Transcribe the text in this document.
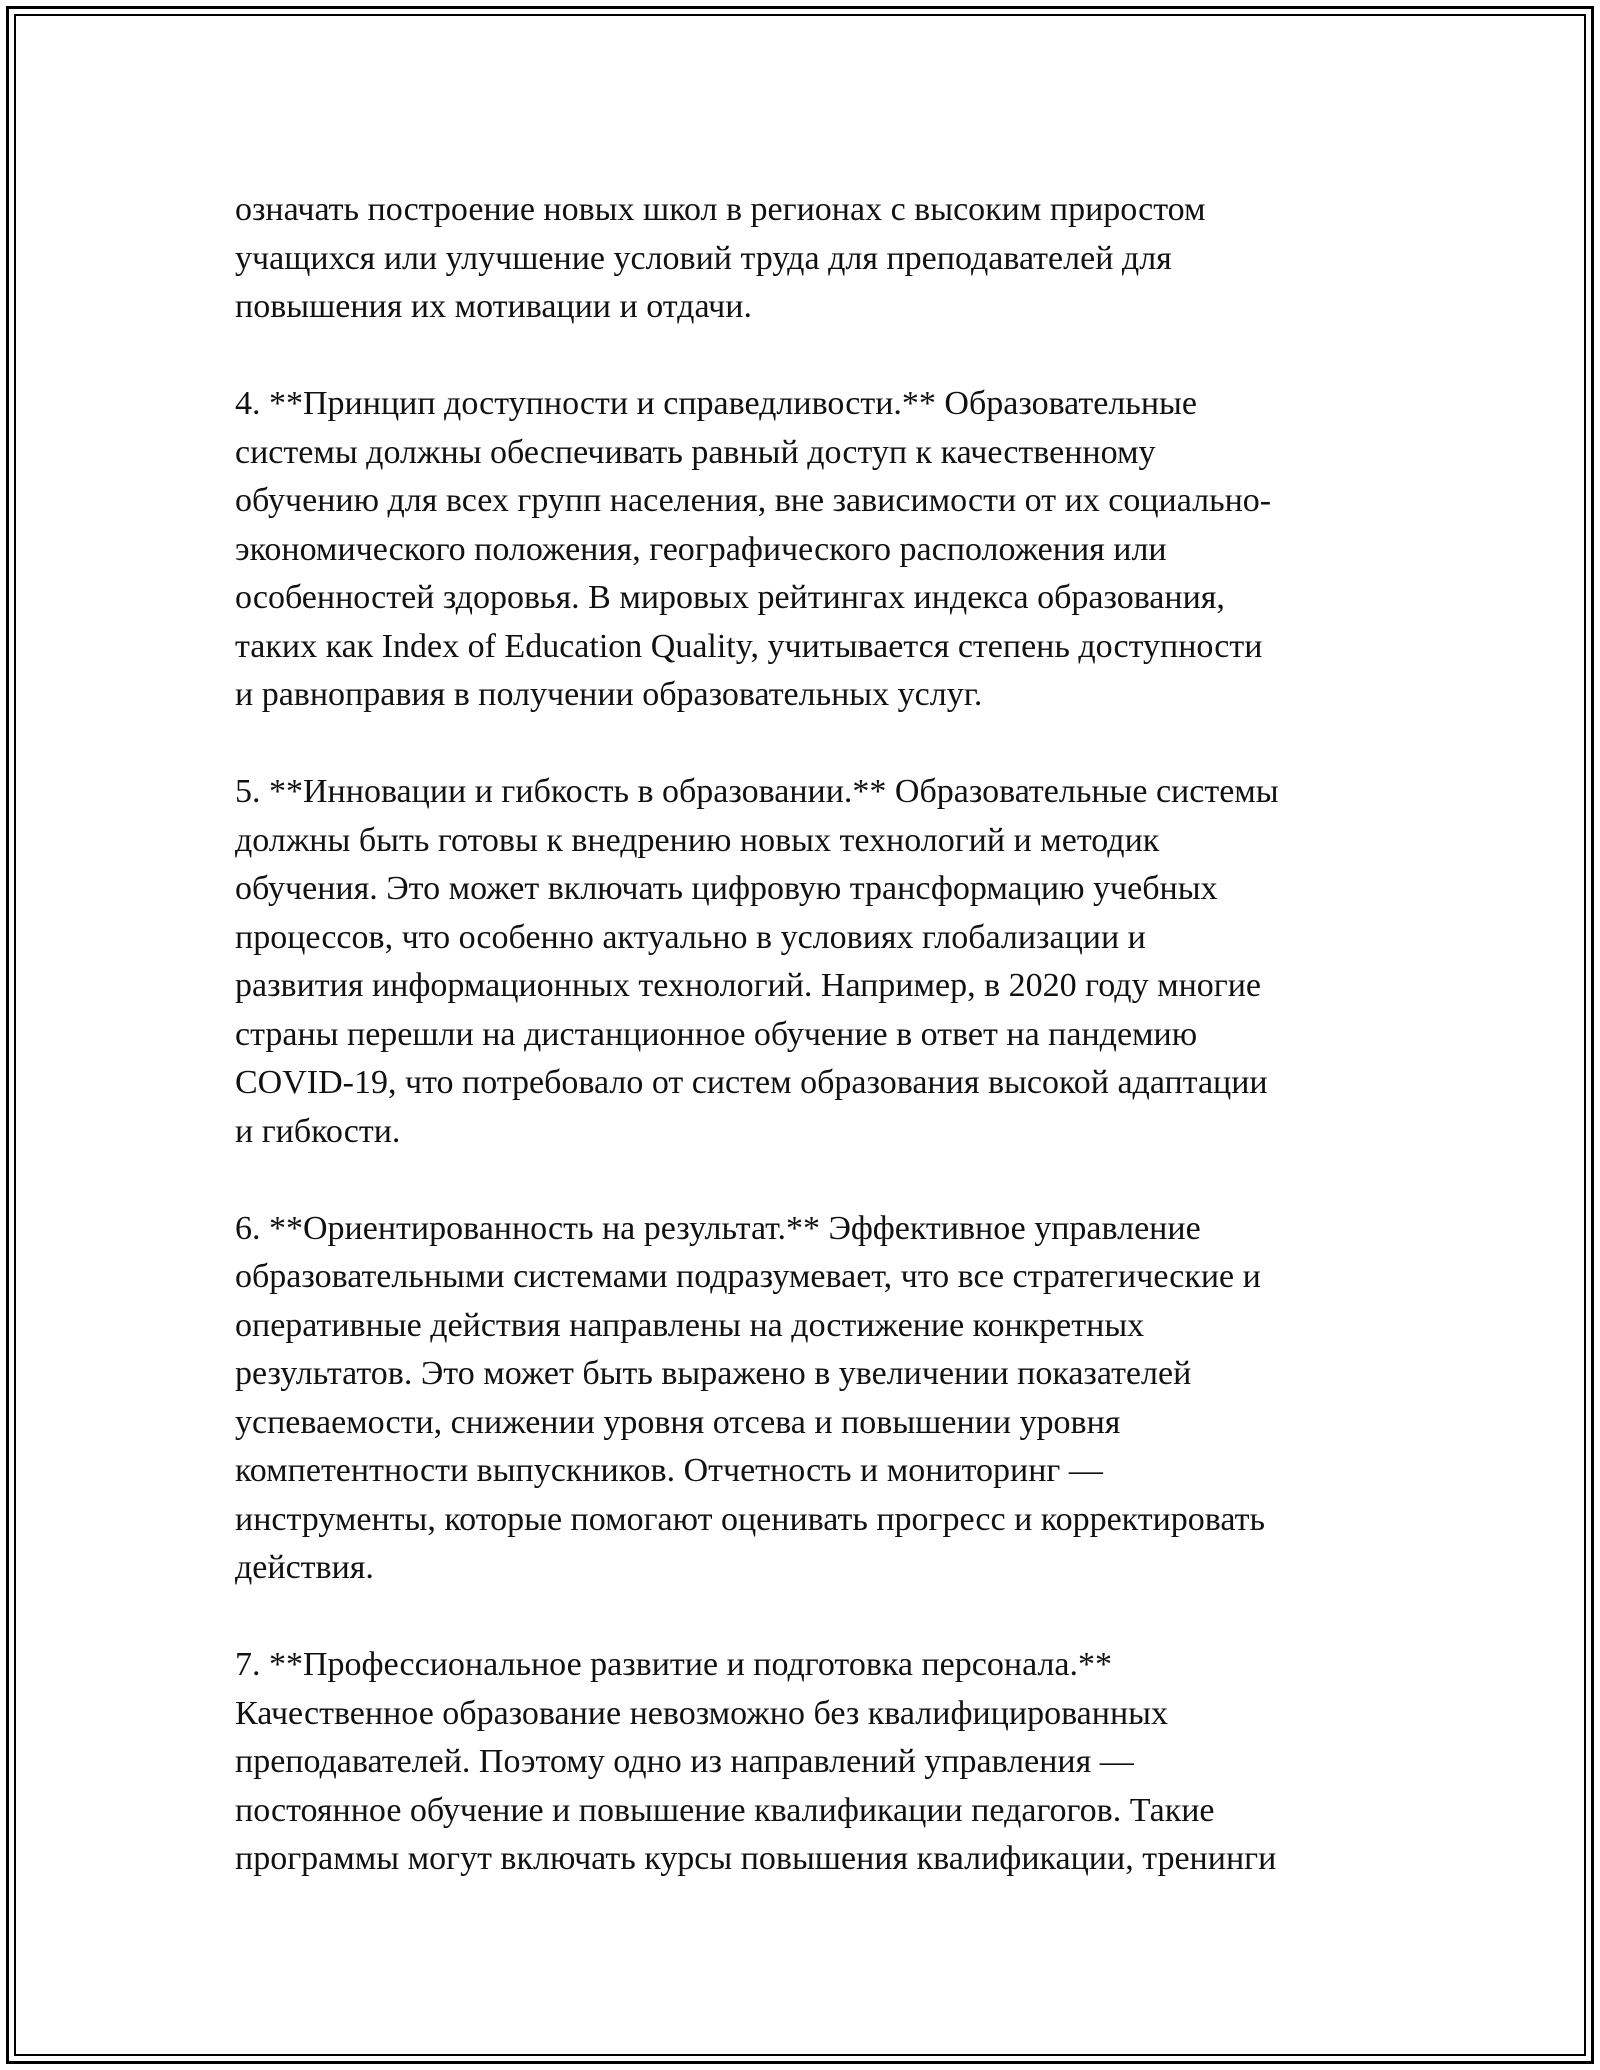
означать построение новых школ в регионах с высоким приростом
учащихся или улучшение условий труда для преподавателей для
повышения их мотивации и отдачи.
4. **Принцип доступности и справедливости.** Образовательные
системы должны обеспечивать равный доступ к качественному
обучению для всех групп населения, вне зависимости от их социально-
экономического положения, географического расположения или
особенностей здоровья. В мировых рейтингах индекса образования,
таких как Index of Education Quality, учитывается степень доступности
и равноправия в получении образовательных услуг.
5. **Инновации и гибкость в образовании.** Образовательные системы
должны быть готовы к внедрению новых технологий и методик
обучения. Это может включать цифровую трансформацию учебных
процессов, что особенно актуально в условиях глобализации и
развития информационных технологий. Например, в 2020 году многие
страны перешли на дистанционное обучение в ответ на пандемию
COVID-19, что потребовало от систем образования высокой адаптации
и гибкости.
6. **Ориентированность на результат.** Эффективное управление
образовательными системами подразумевает, что все стратегические и
оперативные действия направлены на достижение конкретных
результатов. Это может быть выражено в увеличении показателей
успеваемости, снижении уровня отсева и повышении уровня
компетентности выпускников. Отчетность и мониторинг —
инструменты, которые помогают оценивать прогресс и корректировать
действия.
7. **Профессиональное развитие и подготовка персонала.**
Качественное образование невозможно без квалифицированных
преподавателей. Поэтому одно из направлений управления —
постоянное обучение и повышение квалификации педагогов. Такие
программы могут включать курсы повышения квалификации, тренинги
